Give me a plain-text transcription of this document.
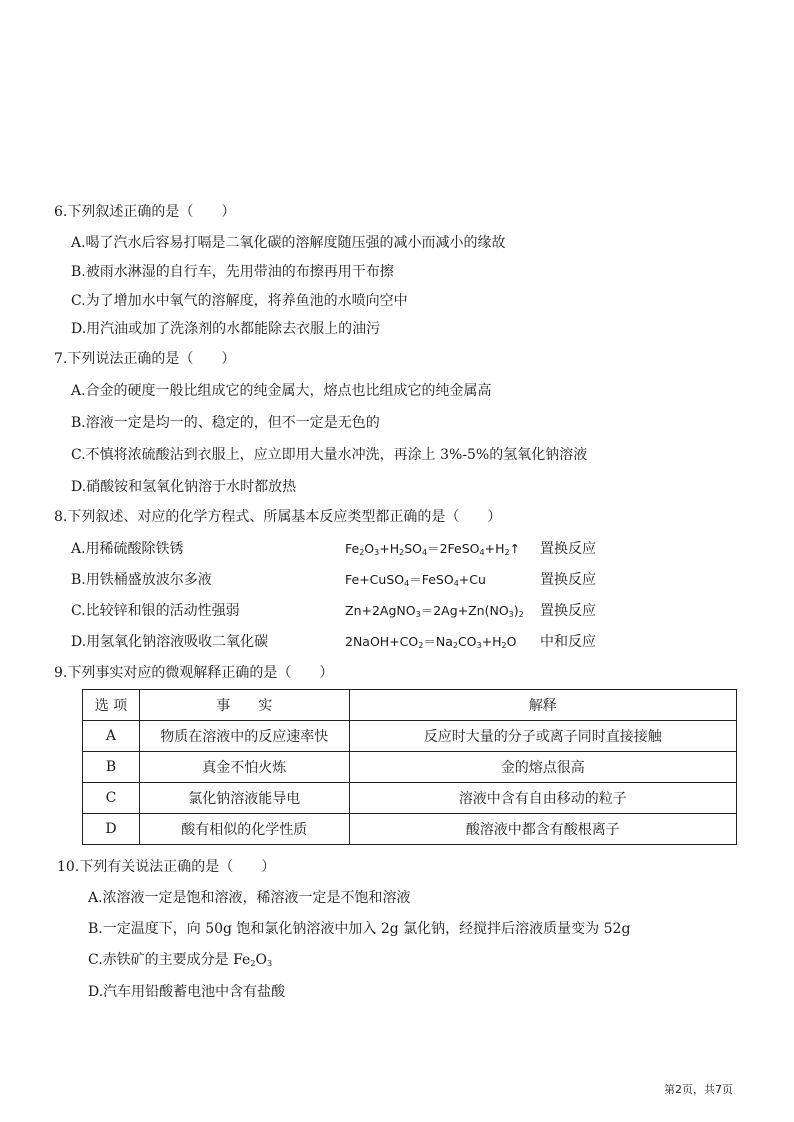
6.下列叙述正确的是（　　）
A.喝了汽水后容易打嗝是二氧化碳的溶解度随压强的减小而减小的缘故
B.被雨水淋湿的自行车，先用带油的布擦再用干布擦
C.为了增加水中氧气的溶解度，将养鱼池的水喷向空中
D.用汽油或加了洗涤剂的水都能除去衣服上的油污
7.下列说法正确的是（　　）
A.合金的硬度一般比组成它的纯金属大，熔点也比组成它的纯金属高
B.溶液一定是均一的、稳定的，但不一定是无色的
C.不慎将浓硫酸沾到衣服上，应立即用大量水冲洗，再涂上 3%-5%的氢氧化钠溶液
D.硝酸铵和氢氧化钠溶于水时都放热
8.下列叙述、对应的化学方程式、所属基本反应类型都正确的是（　　）
A.用稀硫酸除铁锈	$Fe_2O_3+H_2SO_4=2FeSO_4+H_2↑$ 置换反应
B.用铁桶盛放波尔多液	Fe+CuSO$_4$＝FeSO$_4$+Cu	置换反应
C.比较锌和银的活动性强弱	$Zn+2AgNO_3=2Ag+Zn(NO_3)_2$ 置换反应
D.用氢氧化钠溶液吸收二氧化碳	$2NaOH+CO_2=Na_2CO_3+H_2O$ 中和反应
9.下列事实对应的微观解释正确的是（　　）
选 项	事　　实	解释
A	物质在溶液中的反应速率快	反应时大量的分子或离子同时直接接触
B	真金不怕火炼	金的熔点很高
C	氯化钠溶液能导电	溶液中含有自由移动的粒子
D	酸有相似的化学性质	酸溶液中都含有酸根离子
10.下列有关说法正确的是（　　）
A.浓溶液一定是饱和溶液，稀溶液一定是不饱和溶液
B.一定温度下，向 50g 饱和氯化钠溶液中加入 2g 氯化钠，经搅拌后溶液质量变为 52g
C.赤铁矿的主要成分是 $Fe_2O_3$
D.汽车用铅酸蓄电池中含有盐酸
第2页，共7页
